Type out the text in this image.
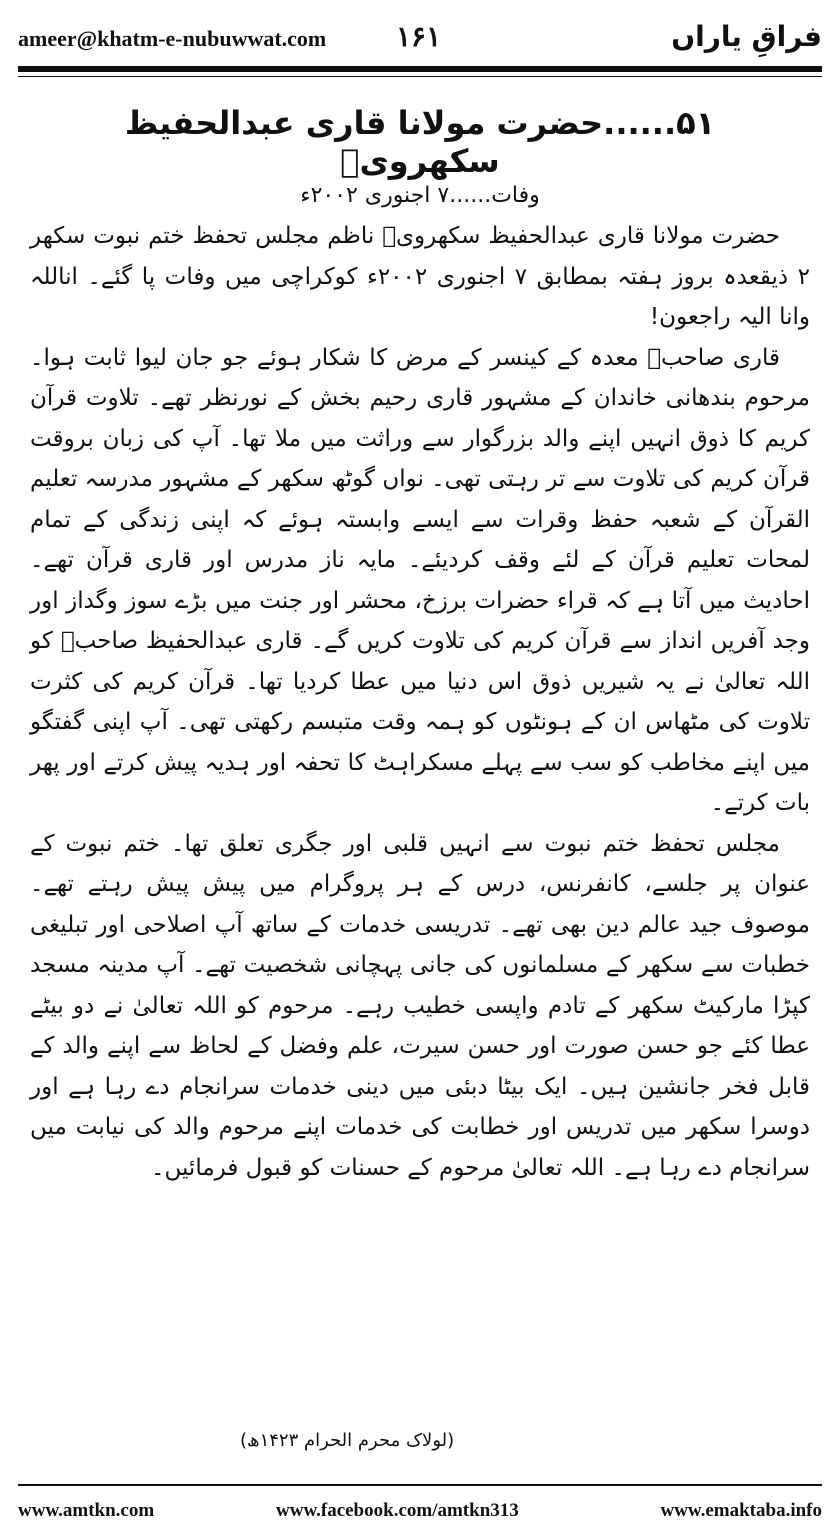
ameer@khatm-e-nubuwwat.com ۱۶۱	فراقِ یاراں
۵۱......حضرت مولانا قاری عبدالحفیظ سکھرویؒ
وفات......۷ اجنوری ۲۰۰۲ء

حضرت مولانا قاری عبدالحفیظ سکھرویؒ ناظم مجلس تحفظ ختم نبوت سکھر ۲ ذیقعدہ بروز ہفتہ بمطابق ۷ اجنوری ۲۰۰۲ء کوکراچی میں وفات پا گئے۔ اناللہ وانا الیہ راجعون!

قاری صاحبؒ معدہ کے کینسر کے مرض کا شکار ہوئے جو جان لیوا ثابت ہوا۔ مرحوم بندھانی خاندان کے مشہور قاری رحیم بخش کے نورنظر تھے۔ تلاوت قرآن کریم کا ذوق انہیں اپنے والد بزرگوار سے وراثت میں ملا تھا۔ آپ کی زبان بروقت قرآن کریم کی تلاوت سے تر رہتی تھی۔ نواں گوٹھ سکھر کے مشہور مدرسہ تعلیم القرآن کے شعبہ حفظ وقرات سے ایسے وابستہ ہوئے کہ اپنی زندگی کے تمام لمحات تعلیم قرآن کے لئے وقف کردیئے۔ مایہ ناز مدرس اور قاری قرآن تھے۔ احادیث میں آتا ہے کہ قراء حضرات برزخ، محشر اور جنت میں بڑے سوز وگداز اور وجد آفریں انداز سے قرآن کریم کی تلاوت کریں گے۔ قاری عبدالحفیظ صاحبؒ کو اللہ تعالیٰ نے یہ شیریں ذوق اس دنیا میں عطا کردیا تھا۔ قرآن کریم کی کثرت تلاوت کی مٹھاس ان کے ہونٹوں کو ہمہ وقت متبسم رکھتی تھی۔ آپ اپنی گفتگو میں اپنے مخاطب کو سب سے پہلے مسکراہٹ کا تحفہ اور ہدیہ پیش کرتے اور پھر بات کرتے۔

مجلس تحفظ ختم نبوت سے انہیں قلبی اور جگری تعلق تھا۔ ختم نبوت کے عنوان پر جلسے، کانفرنس، درس کے ہر پروگرام میں پیش پیش رہتے تھے۔ موصوف جید عالم دین بھی تھے۔ تدریسی خدمات کے ساتھ آپ اصلاحی اور تبلیغی خطبات سے سکھر کے مسلمانوں کی جانی پہچانی شخصیت تھے۔ آپ مدینہ مسجد کپڑا مارکیٹ سکھر کے تادم واپسی خطیب رہے۔ مرحوم کو اللہ تعالیٰ نے دو بیٹے عطا کئے جو حسن صورت اور حسن سیرت، علم وفضل کے لحاظ سے اپنے والد کے قابل فخر جانشین ہیں۔ ایک بیٹا دبئی میں دینی خدمات سرانجام دے رہا ہے اور دوسرا سکھر میں تدریس اور خطابت کی خدمات اپنے مرحوم والد کی نیابت میں سرانجام دے رہا ہے۔ اللہ تعالیٰ مرحوم کے حسنات کو قبول فرمائیں۔

(لولاک محرم الحرام ۱۴۲۳ھ)
www.amtkn.com	www.facebook.com/amtkn313	www.emaktaba.info
